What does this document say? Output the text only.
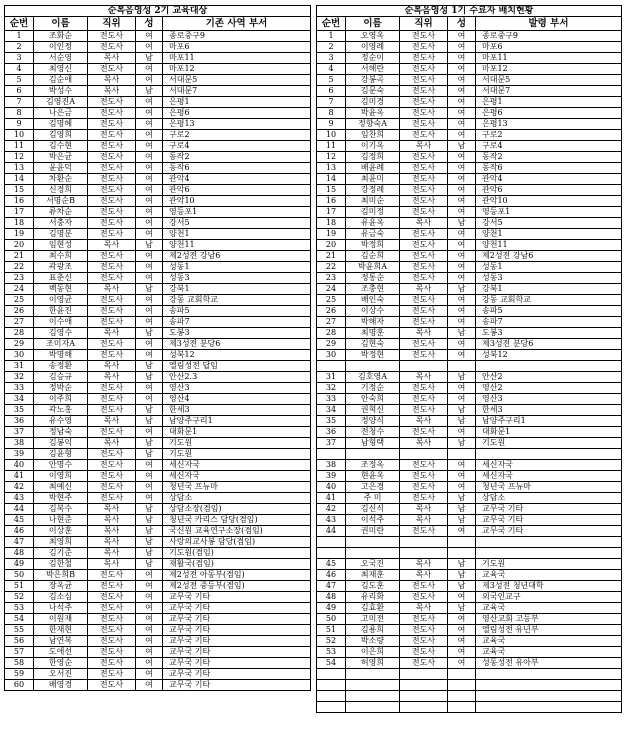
순복음영성 2기 교육대상				
순번	이름	직위	성	기존 사역 부서
1	조화순	전도사	여	종로중구9
2	이인정	전도사	여	마포6
3	서순영	목사	남	마포11
4	최영신	전도사	여	마포12
5	김순애	목사	여	서대문5
6	박성수	목사	남	서대문7
7	김영진A	전도사	여	은평1
8	나은금	전도사	여	은평6
9	김명혜	전도사	여	은평13
10	김영희	전도사	여	구로2
11	김수현	전도사	여	구로4
12	박은균	전도사	여	동작2
13	윤윤덕	전도사	여	동작6
14	차환순	전도사	여	관악4
15	신경희	전도사	여	관악6
16	서명순B	전도사	여	관악10
17	류차순	전도사	여	영등포1
18	서충자	전도사	여	강서5
19	김명분	전도사	여	양천1
20	임현성	목사	남	양천11
21	최수희	전도사	여	제2성전 강남6
22	곽광조	전도사	여	성동1
23	표춘신	전도사	여	성동3
24	백동현	목사	남	강북1
25	이영균	전도사	여	강동 교회학교
26	한윤진	전도사	여	송파5
27	이수애	전도사	여	송파7
28	김영수	목사	남	도봉3
29	조미자A	전도사	여	제3성전 분당6
30	박명해	전도사	여	성북12
31	송정환	목사	남	엘림성전 답임
32	김승규	목사	남	안산2.3
33	정박순	전도사	여	영산3
34	이주희	전도사	여	영산4
35	곽노홍	전도사	남	한세3
36	유수영	목사	남	남양주구리1
37	정남숙	전도사	여	대화문1
38	김봉익	목사	남	기도원
39	김윤형	전도사	남	기도원
40	안명수	전도사	여	세신자국
41	이영희	전도사	여	세신자국
42	최예신	전도사	여	청년국 프뉴마
43	박현주	전도사	여	상담소
44	김복수	목사	남	상담소장(겸임)
45	나현준	목사	남	청년국 카리스 담당(겸임)
46	이상훈	목사	남	국신원 교육연구소장(겸임)
47	최영희	목사	남	사랑의교사봉 담당(겸임)
48	김기준	목사	남	기도원(겸임)
49	김한철	목사	남	재활국(겸임)
50	박은희B	전도사	여	제2성전 아동부(겸임)
51	장옥균	전도사	여	제2성전 중등부(겸임)
52	김소심	전도사	여	교무국 기타
53	나석주	전도사	여	교무국 기타
54	이원재	전도사	여	교무국 기타
55	한재현	전도사	여	교무국 기타
56	남연복	전도사	여	교무국 기타
57	도애선	전도사	여	교무국 기타
58	한영순	전도사	여	교무국 기타
59	오서진	전도사	여	교무국 기타
60	배영경	전도사	여	교무국 기타
순복음영성 1기 수료자 배치현황				
순번	이름	직위	성	발령 부서
1	오영옥	전도사	여	종로중구9
2	이영례	전도사	여	마포6
3	정순이	전도사	여	마포11
4	서해란	전도사	여	마포12
5	강봉곡	전도사	여	서대문5
6	김문숙	전도사	여	서대문7
7	김미경	전도사	여	은평1
8	박윤옥	전도사	여	은평6
9	정향숙A	전도사	여	은평13
10	임찬희	전도사	여	구로2
11	이기옥	목사	남	구로4
12	김정희	전도사	여	동작2
13	배윤례	전도사	여	동작6
14	최윤미	전도사	여	관악4
15	강정례	전도사	여	관악6
16	최미순	전도사	여	관악10
17	김미정	전도사	여	영등포1
18	유윤옥	목사	남	강서5
19	유금숙	전도사	여	양천1
20	박정희	전도사	여	양천11
21	김순희	전도사	여	제2성전 강남6
22	박윤희A	전도사	여	성동1
23	정통순	전도사	여	성동3
24	조충현	목사	남	강북1
25	배인숙	전도사	여	강동 교회학교
26	이상수	전도사	여	송파5
27	박해자	전도사	여	송파7
28	최명훈	목사	남	도봉3
29	김현숙	전도사	여	제3성전 분당6
30	박정현	전도사	여	성북12

31	김호영A	목사	남	안산2
32	기정순	전도사	여	영산2
33	안숙희	전도사	여	영산3
34	권혁신	전도사	남	한세3
35	정양식	목사	남	남양주구리1
36	전청수	전도사	여	대화문1
37	남형택	목사	남	기도원

38	조정옥	전도사	여	세신자국
39	현윤옥	전도사	여	세신자국
40	고은경	전도사	여	청년국 프뉴마
41	주 미	전도사	남	상담소
42	김신식	목사	남	교무국 기타
43	이석주	목사	남	교무국 기타
44	권미란	전도사	여	교무국 기타

45	오국진	목사	남	기도원
46	최재훈	목사	남	교육국
47	김도훈	전도사	남	제3성전 청년대학
48	유리화	전도사	여	외국인교구
49	김효환	목사	남	교육국
50	고미전	전도사	여	영산교회 고등부
51	김용희	전도사	여	엘림성전 유년부
52	박소량	전도사	여	교육국
53	이은희	전도사	여	교육국
54	허영희	전도사	여	성동성전 유아부
